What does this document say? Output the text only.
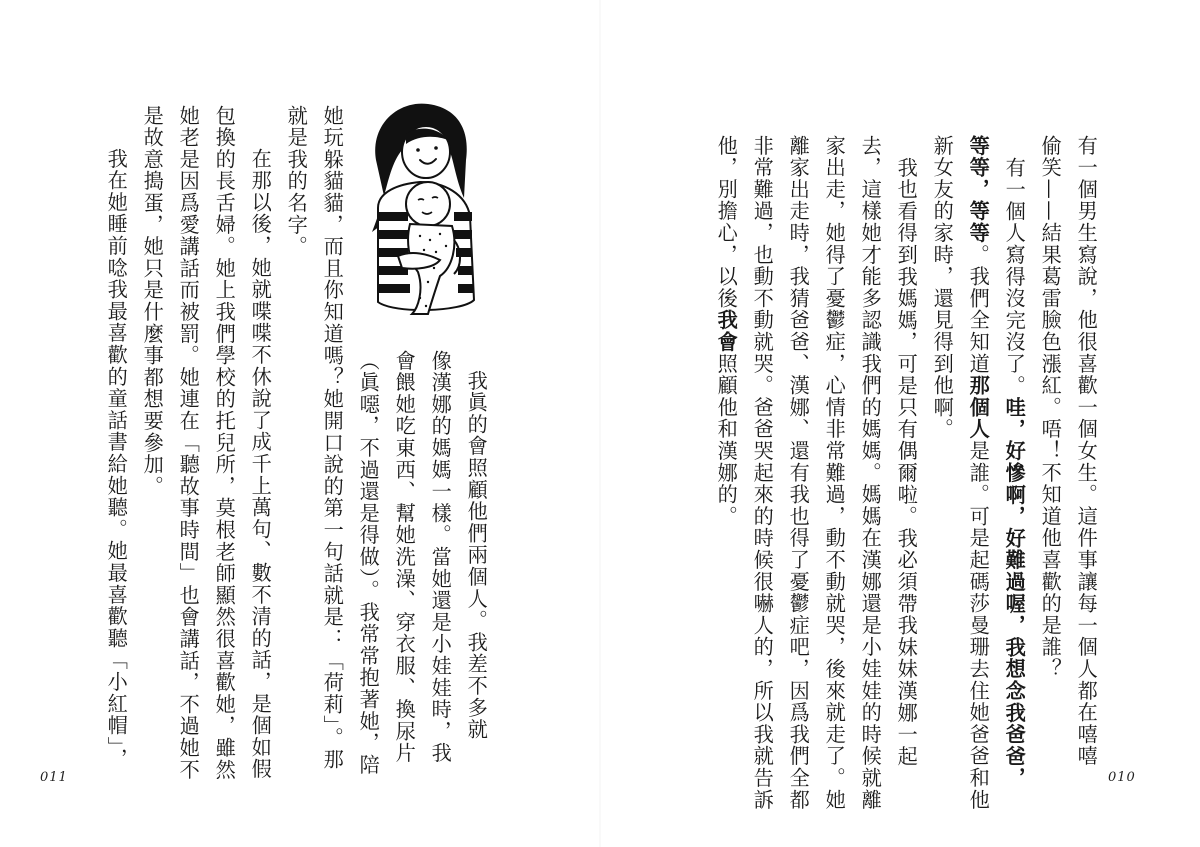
有一個男生寫說，他很喜歡一個女生。這件事讓每一個人都在嘻嘻
偷笑——結果葛雷臉色漲紅。唔！不知道他喜歡的是誰？
有一個人寫得沒完沒了。哇，好慘啊，好難過喔，我想念我爸爸，
等等，等等。我們全知道那個人是誰。可是起碼莎曼珊去住她爸爸和他
新女友的家時，還見得到他啊。
我也看得到我媽媽，可是只有偶爾啦。我必須帶我妹妹漢娜一起
去，這樣她才能多認識我們的媽媽。媽媽在漢娜還是小娃娃的時候就離
家出走，她得了憂鬱症，心情非常難過，動不動就哭，後來就走了。她
離家出走時，我猜爸爸、漢娜、還有我也得了憂鬱症吧，因爲我們全都
非常難過，也動不動就哭。爸爸哭起來的時候很嚇人的，所以我就告訴
他，別擔心，以後我會照顧他和漢娜的。
010
我眞的會照顧他們兩個人。我差不多就
像漢娜的媽媽一樣。當她還是小娃娃時，我
會餵她吃東西、幫她洗澡、穿衣服、換尿片
（眞噁，不過還是得做）。我常常抱著她，陪
她玩躲貓貓，而且你知道嗎？她開口說的第一句話就是：「荷莉」。那
就是我的名字。
在那以後，她就喋喋不休說了成千上萬句、數不清的話，是個如假
包換的長舌婦。她上我們學校的托兒所，莫根老師顯然很喜歡她，雖然
她老是因爲愛講話而被罰。她連在「聽故事時間」也會講話，不過她不
是故意搗蛋，她只是什麼事都想要參加。
我在她睡前唸我最喜歡的童話書給她聽。她最喜歡聽「小紅帽」，
011
